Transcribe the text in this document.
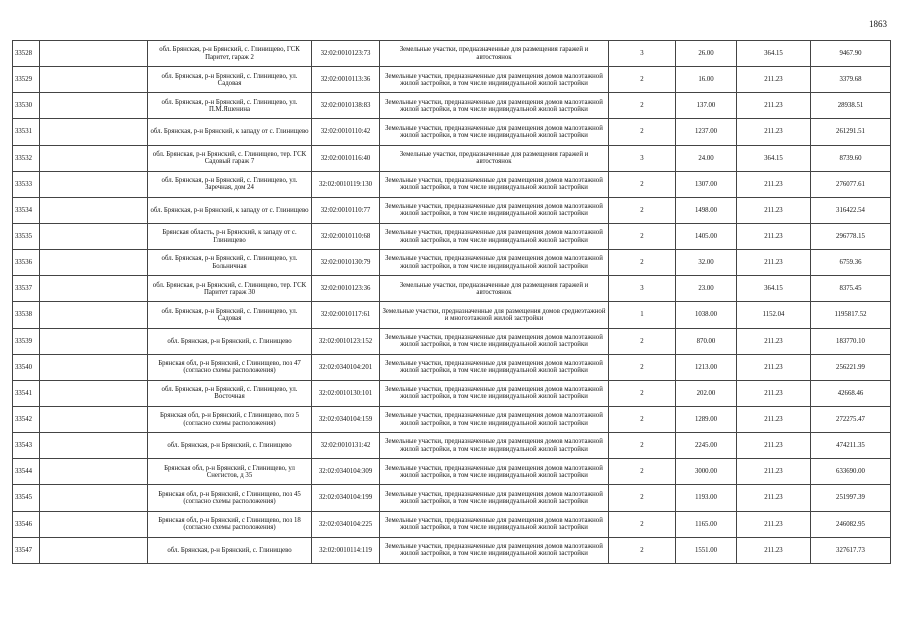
1863
33528		обл. Брянская, р-н Брянский, с. Глинищево, ГСК Паритет, гараж 2	32:02:0010123:73	Земельные участки, предназначенные для размещения гаражей и автостоянок	3	26.00	364.15	9467.90
33529		обл. Брянская, р-н Брянский, с. Глинищево, ул. Садовая	32:02:0010113:36	Земельные участки, предназначенные для размещения домов малоэтажной жилой застройки, в том числе индивидуальной жилой застройки	2	16.00	211.23	3379.68
33530		обл. Брянская, р-н Брянский, с. Глинищево, ул. П.М.Яшенина	32:02:0010138:83	Земельные участки, предназначенные для размещения домов малоэтажной жилой застройки, в том числе индивидуальной жилой застройки	2	137.00	211.23	28938.51
33531		обл. Брянская, р-н Брянский, к западу от с. Глинищево	32:02:0010110:42	Земельные участки, предназначенные для размещения домов малоэтажной жилой застройки, в том числе индивидуальной жилой застройки	2	1237.00	211.23	261291.51
33532		обл. Брянская, р-н Брянский, с. Глинищево, тер. ГСК Садовый гараж 7	32:02:0010116:40	Земельные участки, предназначенные для размещения гаражей и автостоянок	3	24.00	364.15	8739.60
33533		обл. Брянская, р-н Брянский, с. Глинищево, ул. Заречная, дом 24	32:02:0010119:130	Земельные участки, предназначенные для размещения домов малоэтажной жилой застройки, в том числе индивидуальной жилой застройки	2	1307.00	211.23	276077.61
33534		обл. Брянская, р-н Брянский, к западу от с. Глинищево	32:02:0010110:77	Земельные участки, предназначенные для размещения домов малоэтажной жилой застройки, в том числе индивидуальной жилой застройки	2	1498.00	211.23	316422.54
33535		Брянская область, р-н Брянский, к западу от с. Глинищево	32:02:0010110:68	Земельные участки, предназначенные для размещения домов малоэтажной жилой застройки, в том числе индивидуальной жилой застройки	2	1405.00	211.23	296778.15
33536		обл. Брянская, р-н Брянский, с. Глинищево, ул. Больничная	32:02:0010130:79	Земельные участки, предназначенные для размещения домов малоэтажной жилой застройки, в том числе индивидуальной жилой застройки	2	32.00	211.23	6759.36
33537		обл. Брянская, р-н Брянский, с. Глинищево, тер. ГСК Паритет гараж 30	32:02:0010123:36	Земельные участки, предназначенные для размещения гаражей и автостоянок	3	23.00	364.15	8375.45
33538		обл. Брянская, р-н Брянский, с. Глинищево, ул. Садовая	32:02:0010117:61	Земельные участки, предназначенные для размещения домов среднеэтажной и многоэтажной жилой застройки	1	1038.00	1152.04	1195817.52
33539		обл. Брянская, р-н Брянский, с. Глинищево	32:02:0010123:152	Земельные участки, предназначенные для размещения домов малоэтажной жилой застройки, в том числе индивидуальной жилой застройки	2	870.00	211.23	183770.10
33540		Брянская обл, р-н Брянский, с Глинищево, поз 47 (согласно схемы расположения)	32:02:0340104:201	Земельные участки, предназначенные для размещения домов малоэтажной жилой застройки, в том числе индивидуальной жилой застройки	2	1213.00	211.23	256221.99
33541		обл. Брянская, р-н Брянский, с. Глинищево, ул. Восточная	32:02:0010130:101	Земельные участки, предназначенные для размещения домов малоэтажной жилой застройки, в том числе индивидуальной жилой застройки	2	202.00	211.23	42668.46
33542		Брянская обл, р-н Брянский, с Глинищево, поз 5 (согласно схемы расположения)	32:02:0340104:159	Земельные участки, предназначенные для размещения домов малоэтажной жилой застройки, в том числе индивидуальной жилой застройки	2	1289.00	211.23	272275.47
33543		обл. Брянская, р-н Брянский, с. Глинищево	32:02:0010131:42	Земельные участки, предназначенные для размещения домов малоэтажной жилой застройки, в том числе индивидуальной жилой застройки	2	2245.00	211.23	474211.35
33544		Брянская обл, р-н Брянский, с Глинищево, ул Снегистов, д 35	32:02:0340104:309	Земельные участки, предназначенные для размещения домов малоэтажной жилой застройки, в том числе индивидуальной жилой застройки	2	3000.00	211.23	633690.00
33545		Брянская обл, р-н Брянский, с Глинищево, поз 45 (согласно схемы расположения)	32:02:0340104:199	Земельные участки, предназначенные для размещения домов малоэтажной жилой застройки, в том числе индивидуальной жилой застройки	2	1193.00	211.23	251997.39
33546		Брянская обл, р-н Брянский, с Глинищево, поз 18 (согласно схемы расположения)	32:02:0340104:225	Земельные участки, предназначенные для размещения домов малоэтажной жилой застройки, в том числе индивидуальной жилой застройки	2	1165.00	211.23	246082.95
33547		обл. Брянская, р-н Брянский, с. Глинищево	32:02:0010114:119	Земельные участки, предназначенные для размещения домов малоэтажной жилой застройки, в том числе индивидуальной жилой застройки	2	1551.00	211.23	327617.73
